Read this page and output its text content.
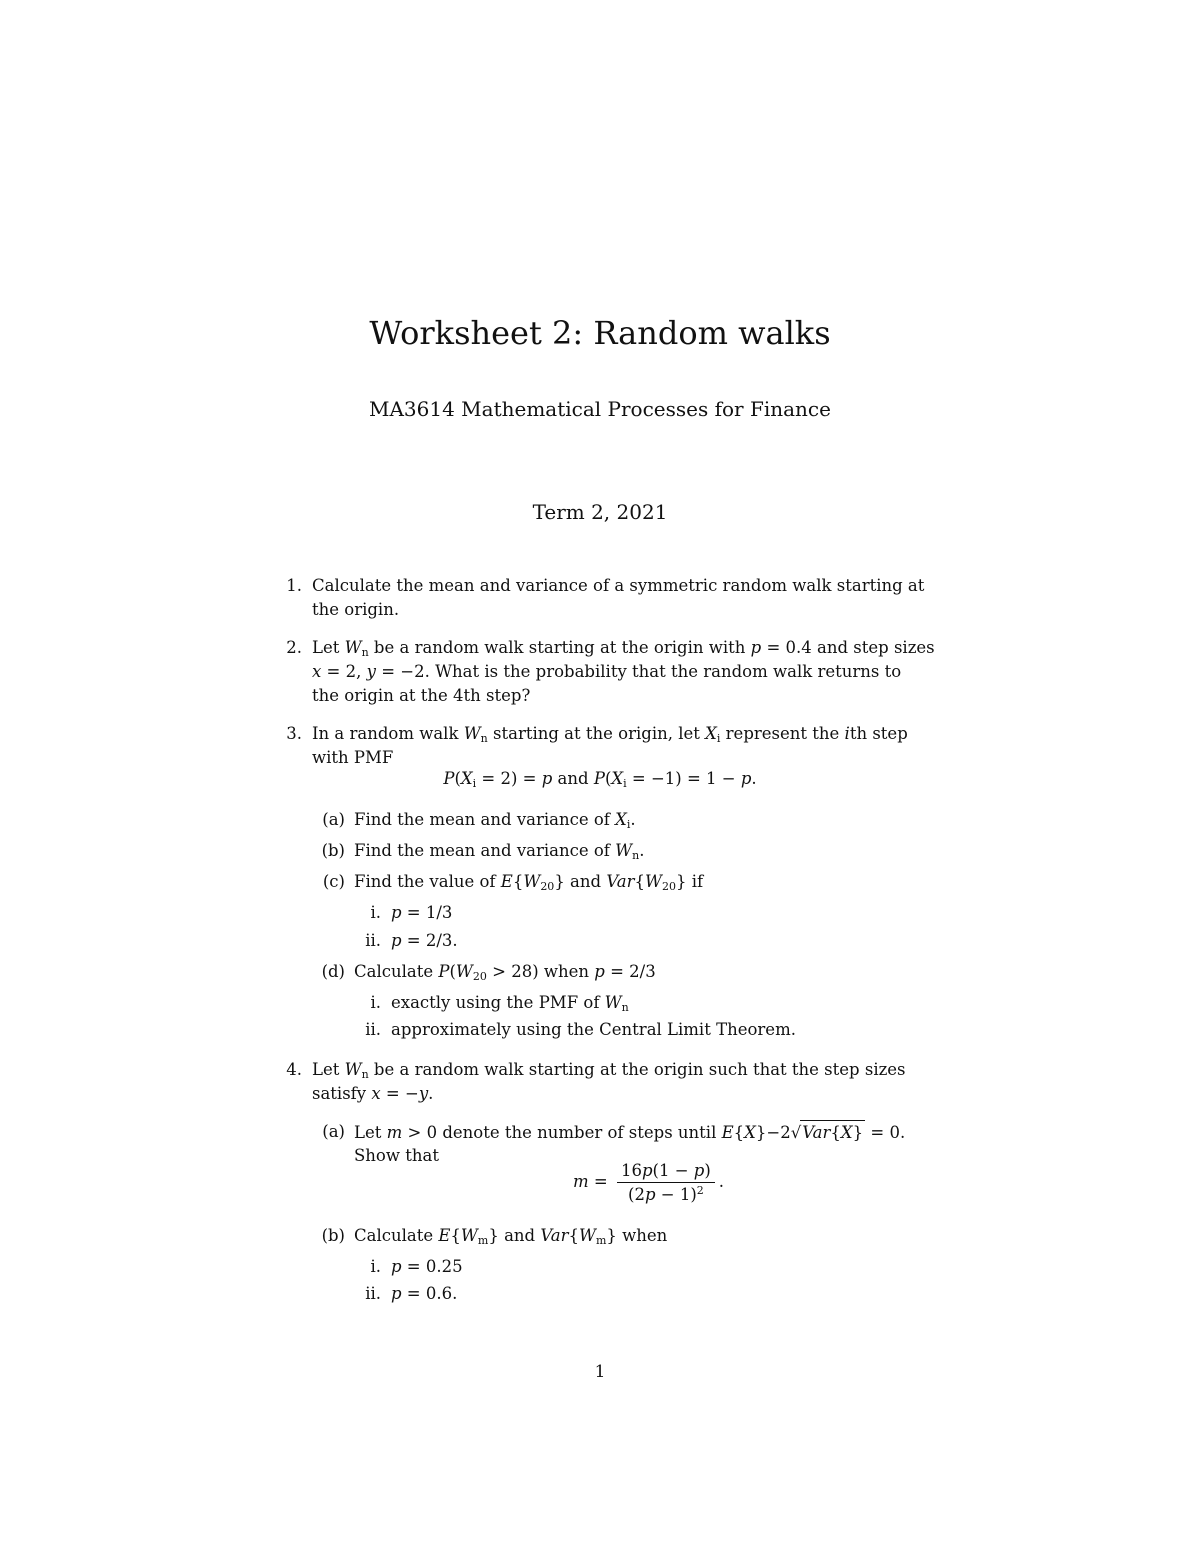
Worksheet 2: Random walks
MA3614 Mathematical Processes for Finance
Term 2, 2021
1. Calculate the mean and variance of a symmetric random walk starting at
the origin.
2. Let $W_n$ be a random walk starting at the origin with p = 0.4 and step sizes
x = 2, y = −2. What is the probability that the random walk returns to
the origin at the 4th step?
3. In a random walk $W_n$ starting at the origin, let $X_i$ represent the ith step
with PMF
$P(X_i = 2) = p$ and $P(X_i = -1) = 1 - p$.
(a) Find the mean and variance of $X_i$.
(b) Find the mean and variance of $W_n$.
(c) Find the value of $E\{W_{20}\}$ and $Var\{W_{20}\}$ if
i. p = 1/3
ii. p = 2/3.
(d) Calculate $P(W_{20} > 28)$ when p = 2/3
i. exactly using the PMF of $W_n$
ii. approximately using the Central Limit Theorem.
4. Let $W_n$ be a random walk starting at the origin such that the step sizes
satisfy x = −y.
(a) Let m > 0 denote the number of steps until E{X}−2√Var{X} = 0.
Show that
$m = \frac{16p(1 - p)}{(2p - 1)^2}$ .
(b) Calculate $E\{W_m\}$ and $Var\{W_m\}$ when
i. p = 0.25
ii. p = 0.6.
1
